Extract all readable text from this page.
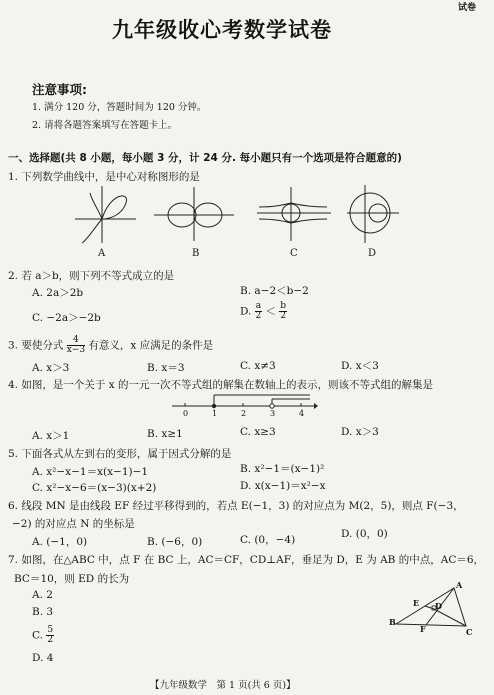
试卷
九年级收心考数学试卷
注意事项:
1. 满分 120 分，答题时间为 120 分钟。
2. 请将各题答案填写在答题卡上。
一、选择题(共 8 小题，每小题 3 分，计 24 分. 每小题只有一个选项是符合题意的)
1. 下列数学曲线中，是中心对称图形的是
A	B	C	D
2. 若 a＞b，则下列不等式成立的是
A. 2a＞2b	B. a−2＜b−2
C. −2a＞−2b
D. $\frac{a}{2} < \frac{b}{2}$
3. 要使分式 $\frac{4}{x-3}$ 有意义，x 应满足的条件是
A. x＞3	B. x＝3	C. x≠3	D. x＜3
4. 如图，是一个关于 x 的一元一次不等式组的解集在数轴上的表示，则该不等式组的解集是
0	1	2	3	4
A. x＞1	B. x≥1	C. x≥3	D. x＞3
5. 下面各式从左到右的变形，属于因式分解的是
A. x²−x−1＝x(x−1)−1	B. x²−1＝(x−1)²
C. x²−x−6＝(x−3)(x+2)	D. x(x−1)＝x²−x
6. 线段 MN 是由线段 EF 经过平移得到的，若点 E(−1，3) 的对应点为 M(2，5)，则点 F(−3，
−2) 的对应点 N 的坐标是
A. (−1，0)	B. (−6，0)	C. (0，−4)	D. (0，0)
7. 如图，在△ABC 中，点 F 在 BC 上，AC＝CF，CD⊥AF，垂足为 D，E 为 AB 的中点，AC＝6，
BC＝10，则 ED 的长为
A. 2
B. 3
C. $\frac{5}{2}$
D. 4
A
E D
B
F	C
【九年级数学　第 1 页(共 6 页)】
